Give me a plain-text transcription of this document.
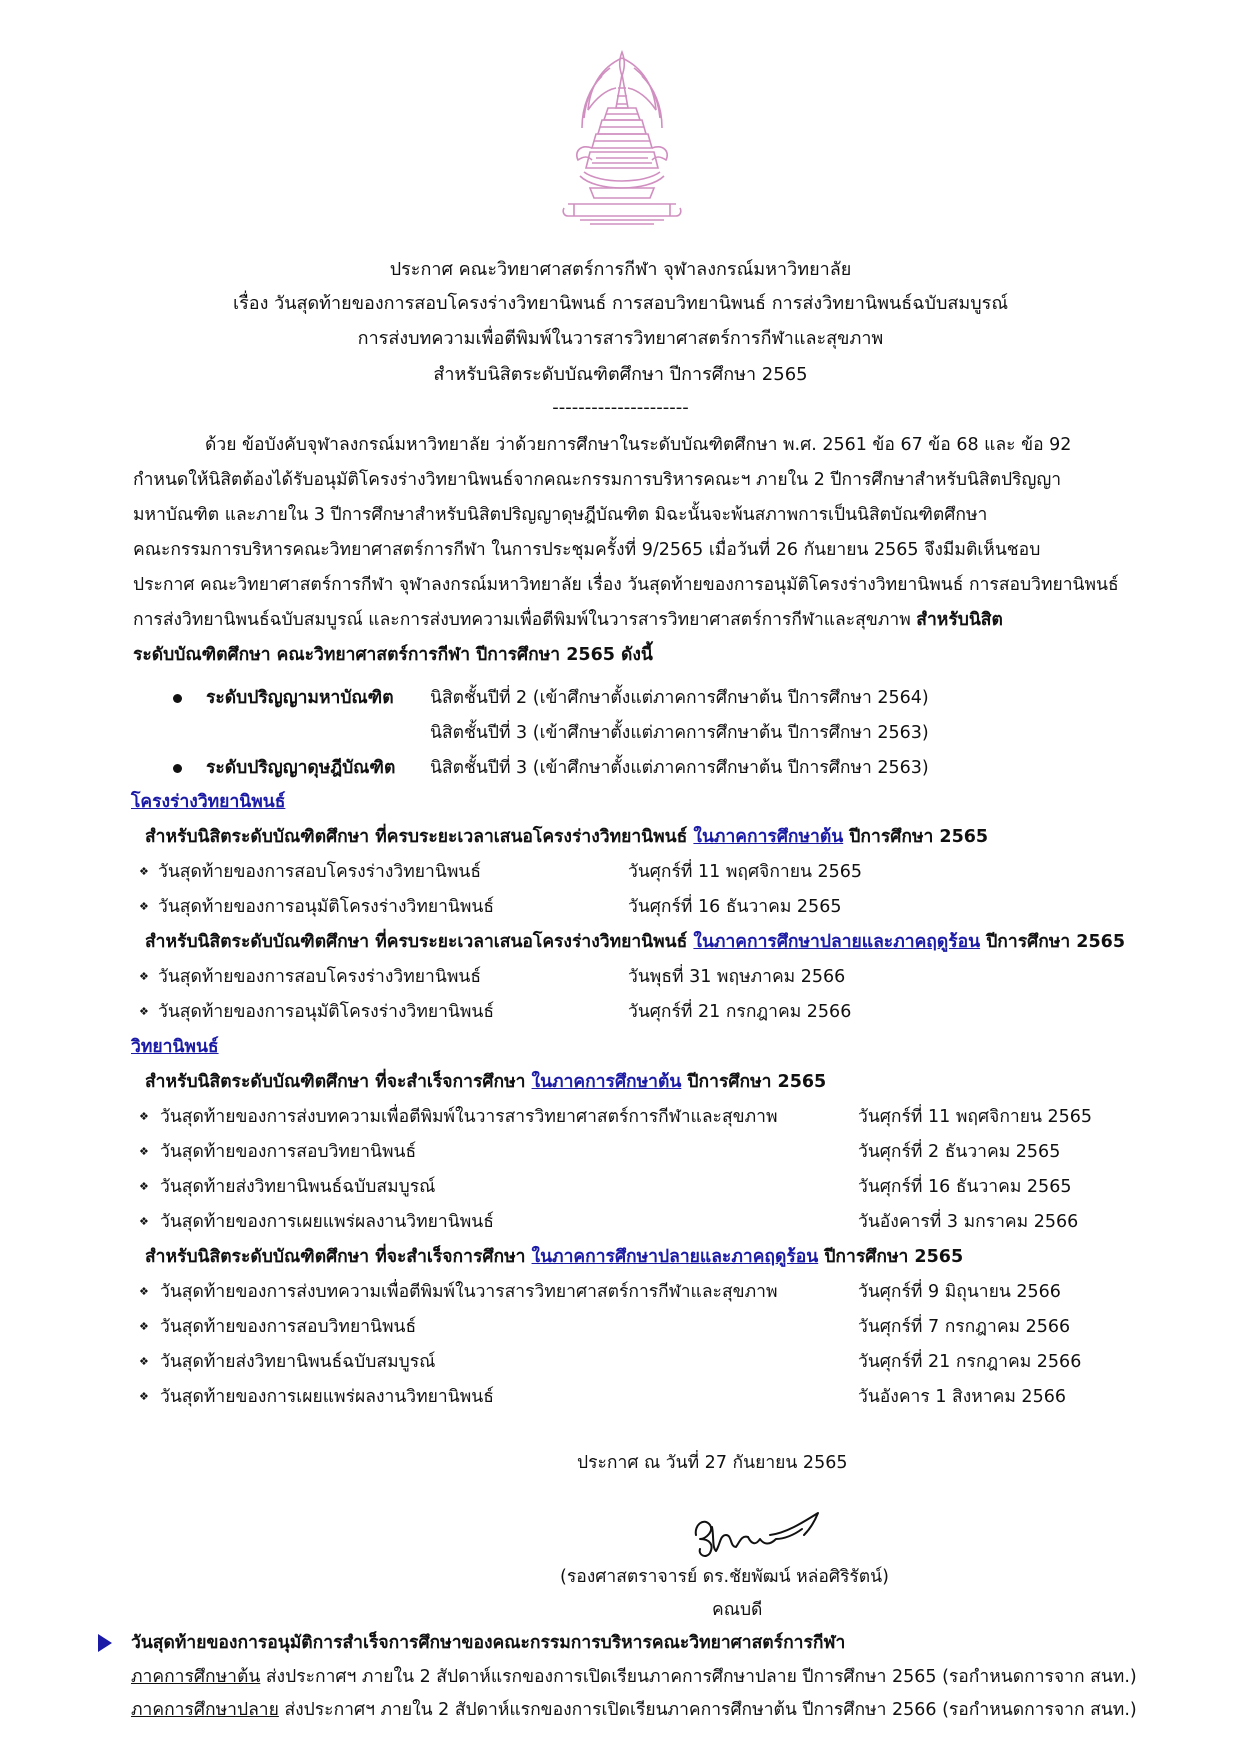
ประกาศ คณะวิทยาศาสตร์การกีฬา จุฬาลงกรณ์มหาวิทยาลัย
เรื่อง วันสุดท้ายของการสอบโครงร่างวิทยานิพนธ์ การสอบวิทยานิพนธ์ การส่งวิทยานิพนธ์ฉบับสมบูรณ์
การส่งบทความเพื่อตีพิมพ์ในวารสารวิทยาศาสตร์การกีฬาและสุขภาพ
สำหรับนิสิตระดับบัณฑิตศึกษา ปีการศึกษา 2565
---------------------
ด้วย ข้อบังคับจุฬาลงกรณ์มหาวิทยาลัย ว่าด้วยการศึกษาในระดับบัณฑิตศึกษา พ.ศ. 2561 ข้อ 67 ข้อ 68 และ ข้อ 92
กำหนดให้นิสิตต้องได้รับอนุมัติโครงร่างวิทยานิพนธ์จากคณะกรรมการบริหารคณะฯ ภายใน 2 ปีการศึกษาสำหรับนิสิตปริญญา
มหาบัณฑิต และภายใน 3 ปีการศึกษาสำหรับนิสิตปริญญาดุษฎีบัณฑิต มิฉะนั้นจะพ้นสภาพการเป็นนิสิตบัณฑิตศึกษา
คณะกรรมการบริหารคณะวิทยาศาสตร์การกีฬา ในการประชุมครั้งที่ 9/2565 เมื่อวันที่ 26 กันยายน 2565 จึงมีมติเห็นชอบ
ประกาศ คณะวิทยาศาสตร์การกีฬา จุฬาลงกรณ์มหาวิทยาลัย เรื่อง วันสุดท้ายของการอนุมัติโครงร่างวิทยานิพนธ์ การสอบวิทยานิพนธ์
การส่งวิทยานิพนธ์ฉบับสมบูรณ์ และการส่งบทความเพื่อตีพิมพ์ในวารสารวิทยาศาสตร์การกีฬาและสุขภาพ สำหรับนิสิต
ระดับบัณฑิตศึกษา คณะวิทยาศาสตร์การกีฬา ปีการศึกษา 2565 ดังนี้
ระดับปริญญามหาบัณฑิต นิสิตชั้นปีที่ 2 (เข้าศึกษาตั้งแต่ภาคการศึกษาต้น ปีการศึกษา 2564)
นิสิตชั้นปีที่ 3 (เข้าศึกษาตั้งแต่ภาคการศึกษาต้น ปีการศึกษา 2563)
ระดับปริญญาดุษฎีบัณฑิต นิสิตชั้นปีที่ 3 (เข้าศึกษาตั้งแต่ภาคการศึกษาต้น ปีการศึกษา 2563)
โครงร่างวิทยานิพนธ์
สำหรับนิสิตระดับบัณฑิตศึกษา ที่ครบระยะเวลาเสนอโครงร่างวิทยานิพนธ์ ในภาคการศึกษาต้น ปีการศึกษา 2565
❖ วันสุดท้ายของการสอบโครงร่างวิทยานิพนธ์	วันศุกร์ที่ 11 พฤศจิกายน 2565
❖ วันสุดท้ายของการอนุมัติโครงร่างวิทยานิพนธ์	วันศุกร์ที่ 16 ธันวาคม 2565
สำหรับนิสิตระดับบัณฑิตศึกษา ที่ครบระยะเวลาเสนอโครงร่างวิทยานิพนธ์ ในภาคการศึกษาปลายและภาคฤดูร้อน ปีการศึกษา 2565
❖ วันสุดท้ายของการสอบโครงร่างวิทยานิพนธ์	วันพุธที่ 31 พฤษภาคม 2566
❖ วันสุดท้ายของการอนุมัติโครงร่างวิทยานิพนธ์	วันศุกร์ที่ 21 กรกฎาคม 2566
วิทยานิพนธ์
สำหรับนิสิตระดับบัณฑิตศึกษา ที่จะสำเร็จการศึกษา ในภาคการศึกษาต้น ปีการศึกษา 2565
❖ วันสุดท้ายของการส่งบทความเพื่อตีพิมพ์ในวารสารวิทยาศาสตร์การกีฬาและสุขภาพ	วันศุกร์ที่ 11 พฤศจิกายน 2565
❖ วันสุดท้ายของการสอบวิทยานิพนธ์	วันศุกร์ที่ 2 ธันวาคม 2565
❖ วันสุดท้ายส่งวิทยานิพนธ์ฉบับสมบูรณ์	วันศุกร์ที่ 16 ธันวาคม 2565
❖ วันสุดท้ายของการเผยแพร่ผลงานวิทยานิพนธ์	วันอังคารที่ 3 มกราคม 2566
สำหรับนิสิตระดับบัณฑิตศึกษา ที่จะสำเร็จการศึกษา ในภาคการศึกษาปลายและภาคฤดูร้อน ปีการศึกษา 2565
❖ วันสุดท้ายของการส่งบทความเพื่อตีพิมพ์ในวารสารวิทยาศาสตร์การกีฬาและสุขภาพ	วันศุกร์ที่ 9 มิถุนายน 2566
❖ วันสุดท้ายของการสอบวิทยานิพนธ์	วันศุกร์ที่ 7 กรกฎาคม 2566
❖ วันสุดท้ายส่งวิทยานิพนธ์ฉบับสมบูรณ์	วันศุกร์ที่ 21 กรกฎาคม 2566
❖ วันสุดท้ายของการเผยแพร่ผลงานวิทยานิพนธ์	วันอังคาร 1 สิงหาคม 2566
ประกาศ ณ วันที่ 27 กันยายน 2565
(รองศาสตราจารย์ ดร.ชัยพัฒน์ หล่อศิริรัตน์)
คณบดี
วันสุดท้ายของการอนุมัติการสำเร็จการศึกษาของคณะกรรมการบริหารคณะวิทยาศาสตร์การกีฬา
ภาคการศึกษาต้น ส่งประกาศฯ ภายใน 2 สัปดาห์แรกของการเปิดเรียนภาคการศึกษาปลาย ปีการศึกษา 2565 (รอกำหนดการจาก สนท.)
ภาคการศึกษาปลาย ส่งประกาศฯ ภายใน 2 สัปดาห์แรกของการเปิดเรียนภาคการศึกษาต้น ปีการศึกษา 2566 (รอกำหนดการจาก สนท.)
